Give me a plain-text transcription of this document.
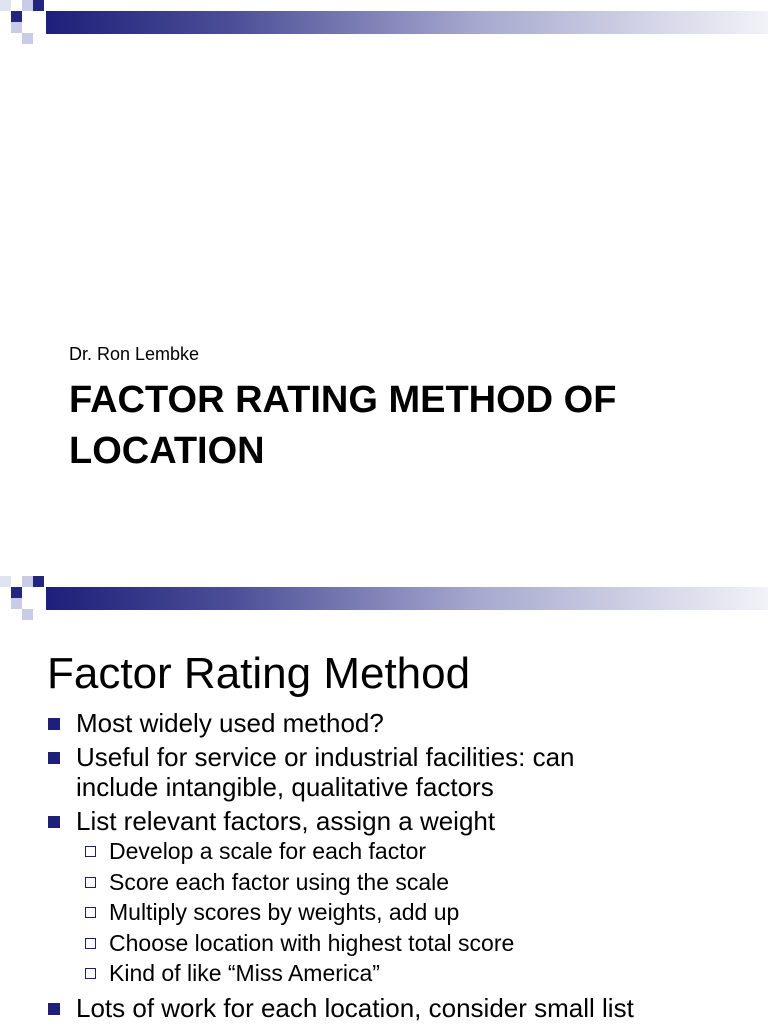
Dr. Ron Lembke
FACTOR RATING METHOD OF
LOCATION
Factor Rating Method
Most widely used method?
Useful for service or industrial facilities: can
include intangible, qualitative factors
List relevant factors, assign a weight
Develop a scale for each factor
Score each factor using the scale
Multiply scores by weights, add up
Choose location with highest total score
Kind of like “Miss America”
Lots of work for each location, consider small list
